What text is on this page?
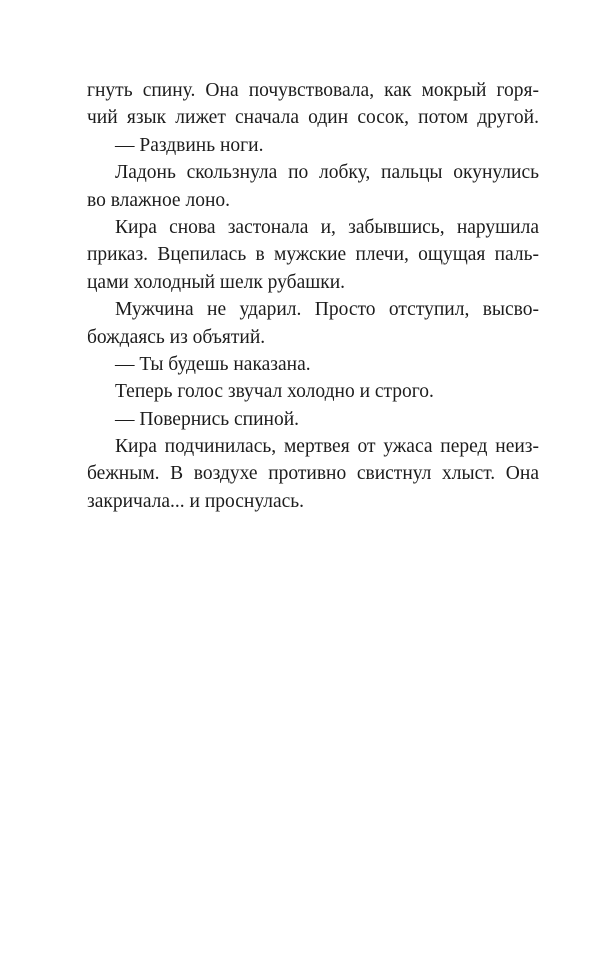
гнуть спину. Она почувствовала, как мокрый горя-
чий язык лижет сначала один сосок, потом другой.
— Раздвинь ноги.
Ладонь скользнула по лобку, пальцы окунулись
во влажное лоно.
Кира снова застонала и, забывшись, нарушила
приказ. Вцепилась в мужские плечи, ощущая паль-
цами холодный шелк рубашки.
Мужчина не ударил. Просто отступил, высво-
бождаясь из объятий.
— Ты будешь наказана.
Теперь голос звучал холодно и строго.
— Повернись спиной.
Кира подчинилась, мертвея от ужаса перед неиз-
бежным. В воздухе противно свистнул хлыст. Она
закричала... и проснулась.
